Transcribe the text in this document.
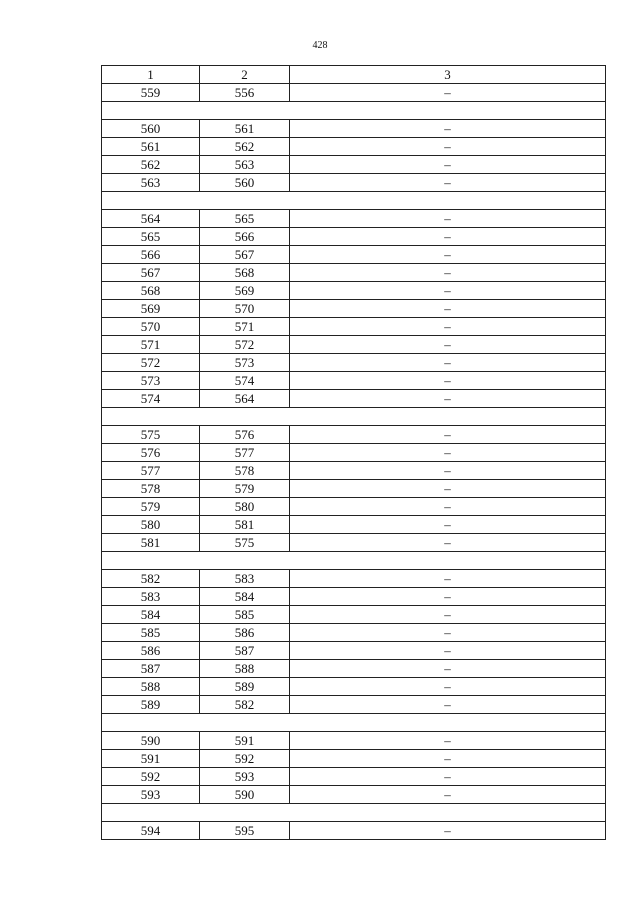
428
1	2	3
559	556	–

560	561	–
561	562	–
562	563	–
563	560	–

564	565	–
565	566	–
566	567	–
567	568	–
568	569	–
569	570	–
570	571	–
571	572	–
572	573	–
573	574	–
574	564	–

575	576	–
576	577	–
577	578	–
578	579	–
579	580	–
580	581	–
581	575	–

582	583	–
583	584	–
584	585	–
585	586	–
586	587	–
587	588	–
588	589	–
589	582	–

590	591	–
591	592	–
592	593	–
593	590	–

594	595	–
